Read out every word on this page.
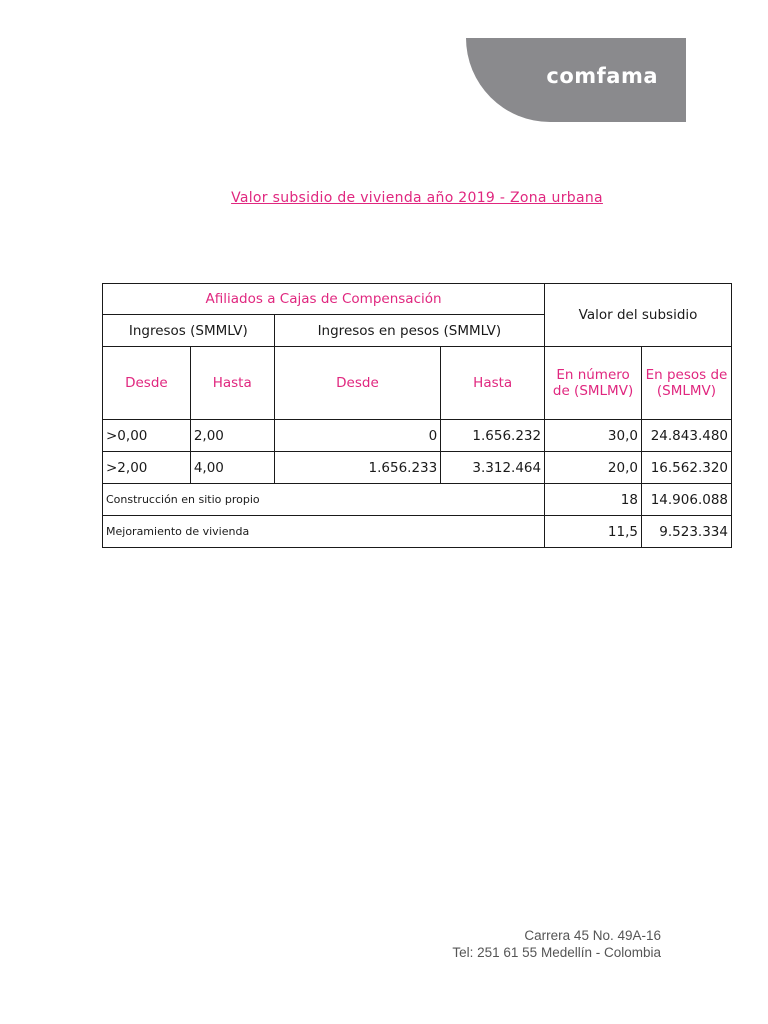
comfama
Valor subsidio de vivienda año 2019 - Zona urbana
Afiliados a Cajas de Compensación				Valor del subsidio	
Ingresos (SMMLV)		Ingresos en pesos (SMMLV)			
Desde	Hasta	Desde	Hasta	En número de (SMLMV)	En pesos de (SMLMV)
>0,00	2,00	0	1.656.232	30,0	24.843.480
>2,00	4,00	1.656.233	3.312.464	20,0	16.562.320
Construcción en sitio propio				18	14.906.088
Mejoramiento de vivienda				11,5	9.523.334
Carrera 45 No. 49A-16
Tel: 251 61 55 Medellín - Colombia
